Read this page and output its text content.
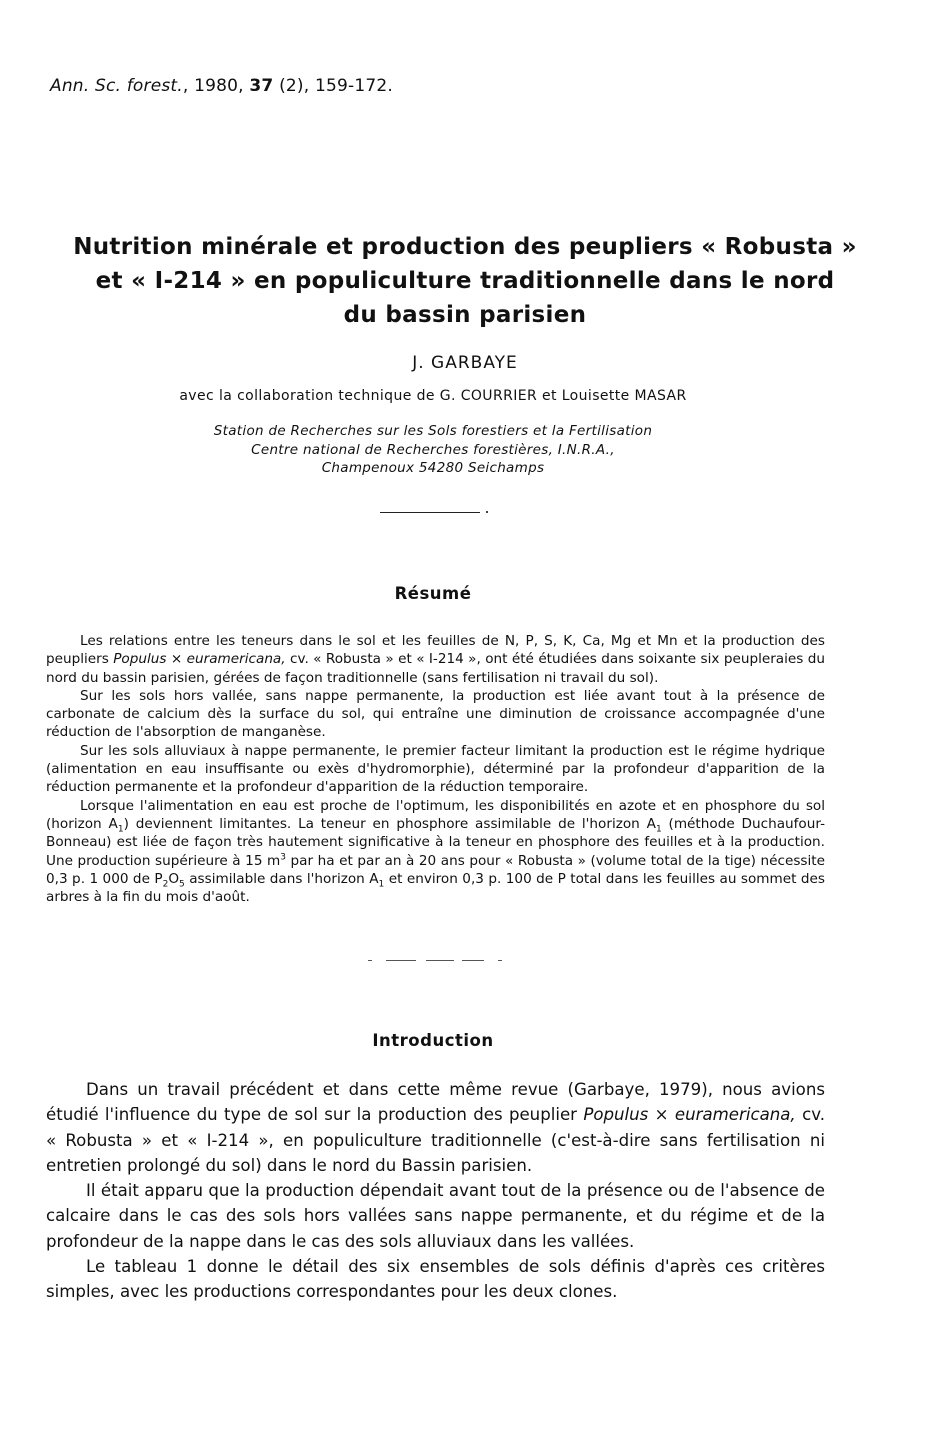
Ann. Sc. forest., 1980, 37 (2), 159-172.
Nutrition minérale et production des peupliers « Robusta »
et « I-214 » en populiculture traditionnelle dans le nord
du bassin parisien
J. GARBAYE
avec la collaboration technique de G. COURRIER et Louisette MASAR
Station de Recherches sur les Sols forestiers et la Fertilisation
Centre national de Recherches forestières, I.N.R.A.,
Champenoux 54280 Seichamps
Résumé

Les relations entre les teneurs dans le sol et les feuilles de N, P, S, K, Ca, Mg et Mn et la production des peupliers Populus × euramericana, cv. « Robusta » et « I-214 », ont été étudiées dans soixante six peupleraies du nord du bassin parisien, gérées de façon traditionnelle (sans fertilisation ni travail du sol).

Sur les sols hors vallée, sans nappe permanente, la production est liée avant tout à la présence de carbonate de calcium dès la surface du sol, qui entraîne une diminution de croissance accompagnée d'une réduction de l'absorption de manganèse.

Sur les sols alluviaux à nappe permanente, le premier facteur limitant la production est le régime hydrique (alimentation en eau insuffisante ou exès d'hydromorphie), déterminé par la profondeur d'apparition de la réduction permanente et la profondeur d'apparition de la réduction temporaire.

Lorsque l'alimentation en eau est proche de l'optimum, les disponibilités en azote et en phosphore du sol (horizon $A_1$) deviennent limitantes. La teneur en phosphore assimilable de l'horizon $A_1$ (méthode Duchaufour-Bonneau) est liée de façon très hautement significative à la teneur en phosphore des feuilles et à la production. Une production supérieure à 15 $m^3$ par ha et par an à 20 ans pour « Robusta » (volume total de la tige) nécessite 0,3 p. 1 000 de $P_2O_5$ assimilable dans l'horizon $A_1$ et environ 0,3 p. 100 de P total dans les feuilles au sommet des arbres à la fin du mois d'août.

Introduction

Dans un travail précédent et dans cette même revue (Garbaye, 1979), nous avions étudié l'influence du type de sol sur la production des peuplier Populus × euramericana, cv. « Robusta » et « I-214 », en populiculture traditionnelle (c'est-à-dire sans fertilisation ni entretien prolongé du sol) dans le nord du Bassin parisien.

Il était apparu que la production dépendait avant tout de la présence ou de l'absence de calcaire dans le cas des sols hors vallées sans nappe permanente, et du régime et de la profondeur de la nappe dans le cas des sols alluviaux dans les vallées.

Le tableau 1 donne le détail des six ensembles de sols définis d'après ces critères simples, avec les productions correspondantes pour les deux clones.
